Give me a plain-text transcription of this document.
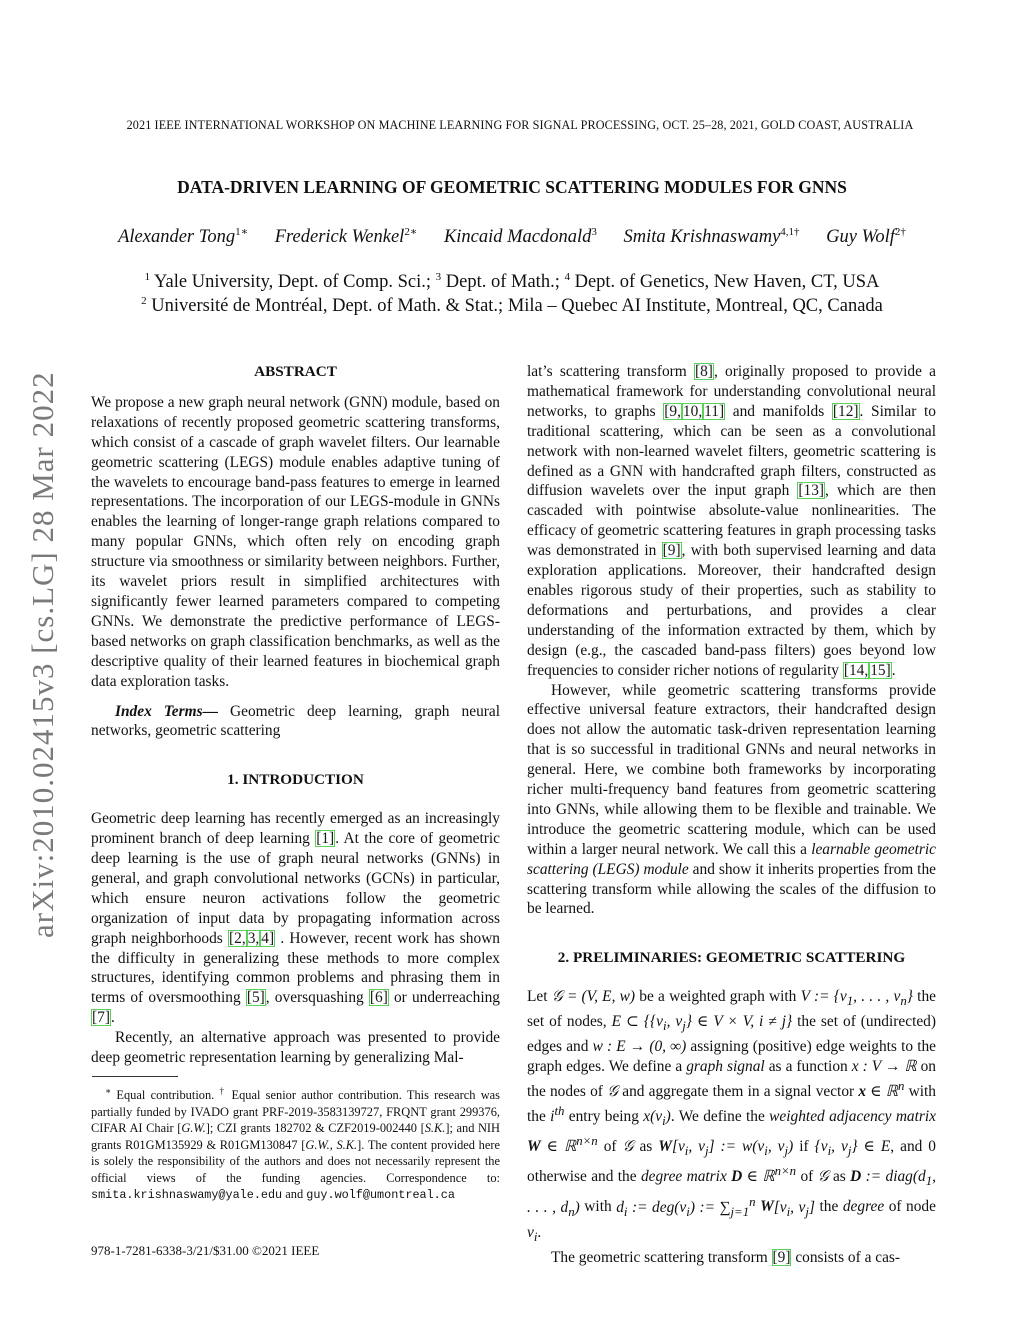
2021 IEEE INTERNATIONAL WORKSHOP ON MACHINE LEARNING FOR SIGNAL PROCESSING, OCT. 25–28, 2021, GOLD COAST, AUSTRALIA
DATA-DRIVEN LEARNING OF GEOMETRIC SCATTERING MODULES FOR GNNS
Alexander Tong$^{1∗}$ Frederick Wenkel$^{2∗}$ Kincaid Macdonald$^3$ Smita Krishnaswamy$^{4,1\dagger}$ Guy Wolf$^{2\dagger}$
$^1$ Yale University, Dept. of Comp. Sci.; $^3$ Dept. of Math.; $^4$ Dept. of Genetics, New Haven, CT, USA
$^2$ Université de Montréal, Dept. of Math. & Stat.; Mila – Quebec AI Institute, Montreal, QC, Canada
arXiv:2010.02415v3 [cs.LG] 28 Mar 2022	ABSTRACT

We propose a new graph neural network (GNN) module, based on relaxations of recently proposed geometric scattering transforms, which consist of a cascade of graph wavelet filters. Our learnable geometric scattering (LEGS) module enables adaptive tuning of the wavelets to encourage band-pass features to emerge in learned representations. The incorporation of our LEGS-module in GNNs enables the learning of longer-range graph relations compared to many popular GNNs, which often rely on encoding graph structure via smoothness or similarity between neighbors. Further, its wavelet priors result in simplified architectures with significantly fewer learned parameters compared to competing GNNs. We demonstrate the predictive performance of LEGS-based networks on graph classification benchmarks, as well as the descriptive quality of their learned features in biochemical graph data exploration tasks.

Index Terms— Geometric deep learning, graph neural networks, geometric scattering

1. INTRODUCTION

Geometric deep learning has recently emerged as an increasingly prominent branch of deep learning [1]. At the core of geometric deep learning is the use of graph neural networks (GNNs) in general, and graph convolutional networks (GCNs) in particular, which ensure neuron activations follow the geometric organization of input data by propagating information across graph neighborhoods [2, 3, 4] . However, recent work has shown the difficulty in generalizing these methods to more complex structures, identifying common problems and phrasing them in terms of oversmoothing [5], oversquashing [6] or underreaching [7].

Recently, an alternative approach was presented to provide deep geometric representation learning by generalizing Mal-

∗ Equal contribution. † Equal senior author contribution. This research was partially funded by IVADO grant PRF-2019-3583139727, FRQNT grant 299376, CIFAR AI Chair [G.W.]; CZI grants 182702 & CZF2019-002440 [S.K.]; and NIH grants R01GM135929 & R01GM130847 [G.W., S.K.]. The content provided here is solely the responsibility of the authors and does not necessarily represent the official views of the funding agencies. Correspondence to: smita.krishnaswamy@yale.edu and guy.wolf@umontreal.ca
978-1-7281-6338-3/21/$31.00 ©2021 IEEE

lat’s scattering transform [8], originally proposed to provide a mathematical framework for understanding convolutional neural networks, to graphs [9, 10, 11] and manifolds [12]. Similar to traditional scattering, which can be seen as a convolutional network with non-learned wavelet filters, geometric scattering is defined as a GNN with handcrafted graph filters, constructed as diffusion wavelets over the input graph [13], which are then cascaded with pointwise absolute-value nonlinearities. The efficacy of geometric scattering features in graph processing tasks was demonstrated in [9], with both supervised learning and data exploration applications. Moreover, their handcrafted design enables rigorous study of their properties, such as stability to deformations and perturbations, and provides a clear understanding of the information extracted by them, which by design (e.g., the cascaded band-pass filters) goes beyond low frequencies to consider richer notions of regularity [14, 15].

However, while geometric scattering transforms provide effective universal feature extractors, their handcrafted design does not allow the automatic task-driven representation learning that is so successful in traditional GNNs and neural networks in general. Here, we combine both frameworks by incorporating richer multi-frequency band features from geometric scattering into GNNs, while allowing them to be flexible and trainable. We introduce the geometric scattering module, which can be used within a larger neural network. We call this a learnable geometric scattering (LEGS) module and show it inherits properties from the scattering transform while allowing the scales of the diffusion to be learned.

2. PRELIMINARIES: GEOMETRIC SCATTERING

Let 𝒢 = (V, E, w) be a weighted graph with V := {$v_1$, . . . , $v_n$} the set of nodes, E ⊂ {{$v_i$, $v_j$} ∈ V × V, i ≠ j} the set of (undirected) edges and w : E → (0, ∞) assigning (positive) edge weights to the graph edges. We define a graph signal as a function x : V → ℝ on the nodes of 𝒢 and aggregate them in a signal vector x ∈ ℝ$^n$ with the $i^{th}$ entry being $x(v_i)$. We define the weighted adjacency matrix W ∈ ℝ$^{n\times n}$ of 𝒢 as $W[v_i$, $v_j$] := $w(v_i$, $v_j$) if {$v_i$, $v_j$} ∈ E, and 0 otherwise and the degree matrix D ∈ ℝ$^{n\times n}$ of 𝒢 as D := $diag(d_1$, . . . , $d_n$) with $d_i$ := $deg(v_i)$ := $\sum_{j=1}^n$ $W[v_i$, $v_j$] the degree of node $v_i$.

The geometric scattering transform [9] consists of a cas-
